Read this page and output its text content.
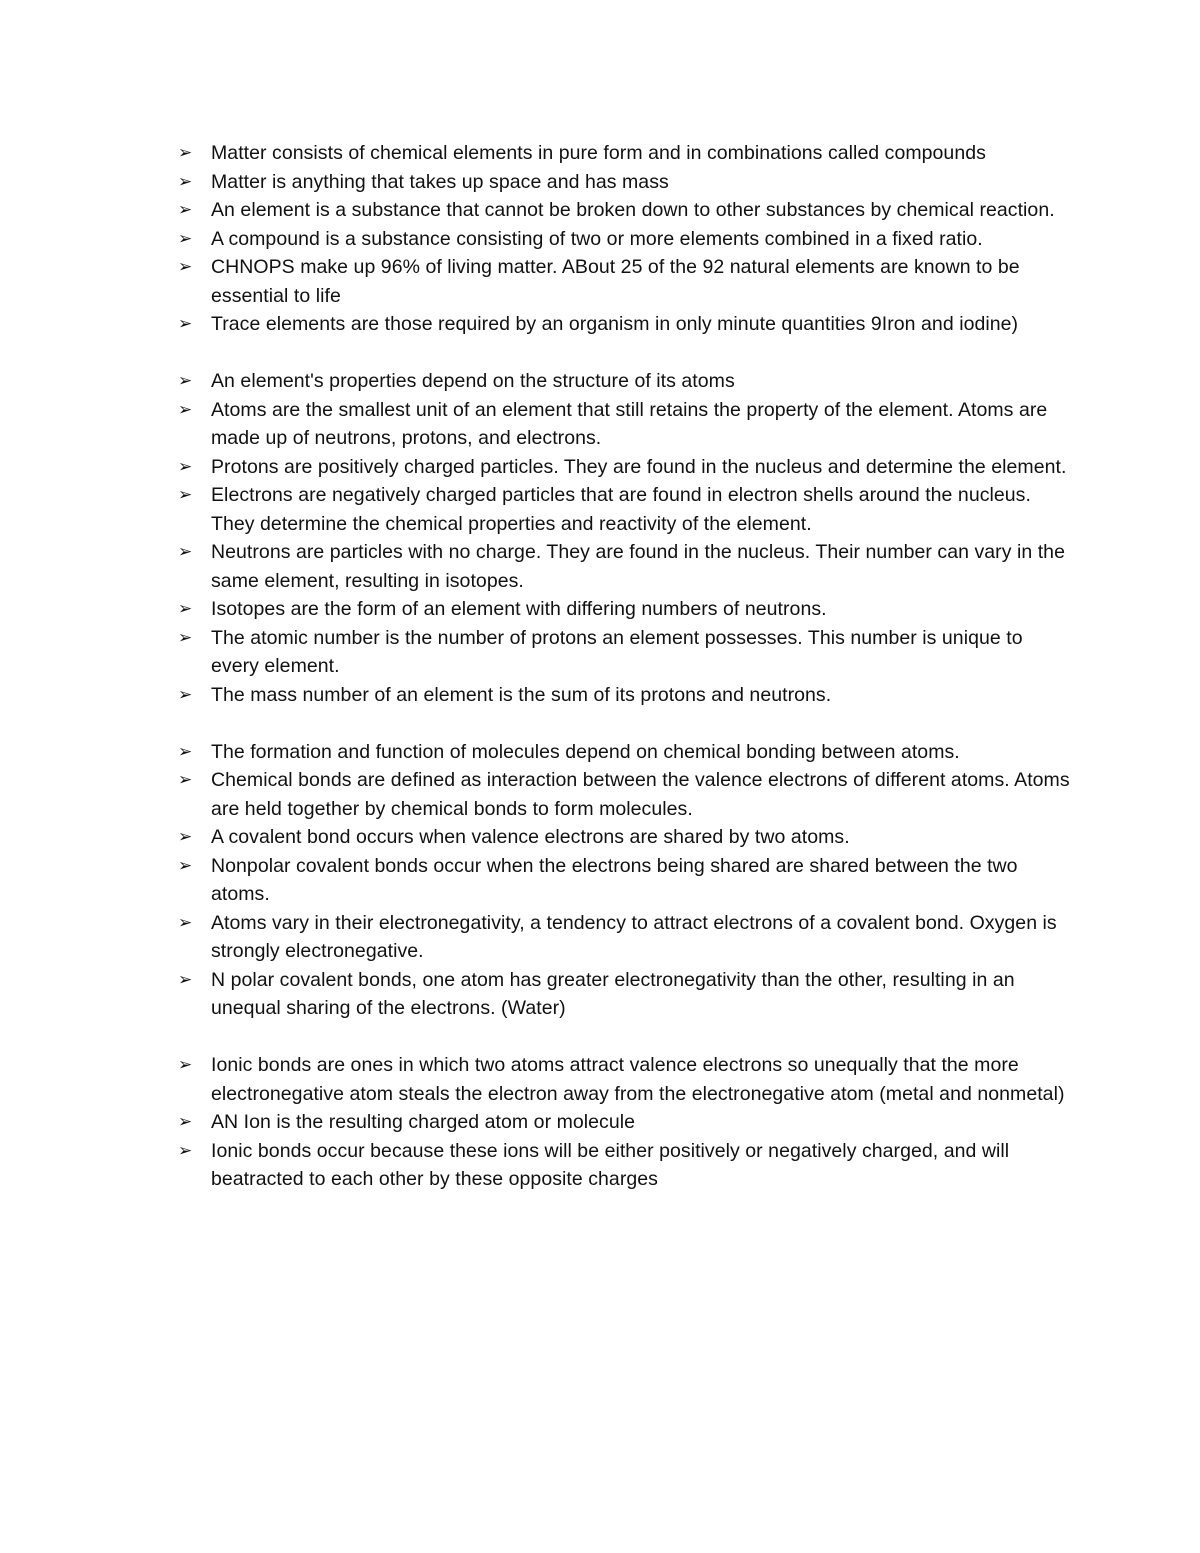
➢ Matter consists of chemical elements in pure form and in combinations called compounds
➢ Matter is anything that takes up space and has mass
➢ An element is a substance that cannot be broken down to other substances by chemical reaction.
➢ A compound is a substance consisting of two or more elements combined in a fixed ratio.
➢ CHNOPS make up 96% of living matter. ABout 25 of the 92 natural elements are known to be essential to life
➢ Trace elements are those required by an organism in only minute quantities 9Iron and iodine)
➢ An element's properties depend on the structure of its atoms
➢ Atoms are the smallest unit of an element that still retains the property of the element. Atoms are made up of neutrons, protons, and electrons.
➢ Protons are positively charged particles. They are found in the nucleus and determine the element.
➢ Electrons are negatively charged particles that are found in electron shells around the nucleus. They determine the chemical properties and reactivity of the element.
➢ Neutrons are particles with no charge. They are found in the nucleus. Their number can vary in the same element, resulting in isotopes.
➢ Isotopes are the form of an element with differing numbers of neutrons.
➢ The atomic number is the number of protons an element possesses. This number is unique to every element.
➢ The mass number of an element is the sum of its protons and neutrons.
➢ The formation and function of molecules depend on chemical bonding between atoms.
➢ Chemical bonds are defined as interaction between the valence electrons of different atoms. Atoms are held together by chemical bonds to form molecules.
➢ A covalent bond occurs when valence electrons are shared by two atoms.
➢ Nonpolar covalent bonds occur when the electrons being shared are shared between the two atoms.
➢ Atoms vary in their electronegativity, a tendency to attract electrons of a covalent bond. Oxygen is strongly electronegative.
➢ N polar covalent bonds, one atom has greater electronegativity than the other, resulting in an unequal sharing of the electrons. (Water)
➢ Ionic bonds are ones in which two atoms attract valence electrons so unequally that the more electronegative atom steals the electron away from the electronegative atom (metal and nonmetal)
➢ AN Ion is the resulting charged atom or molecule
➢ Ionic bonds occur because these ions will be either positively or negatively charged, and will beatracted to each other by these opposite charges
